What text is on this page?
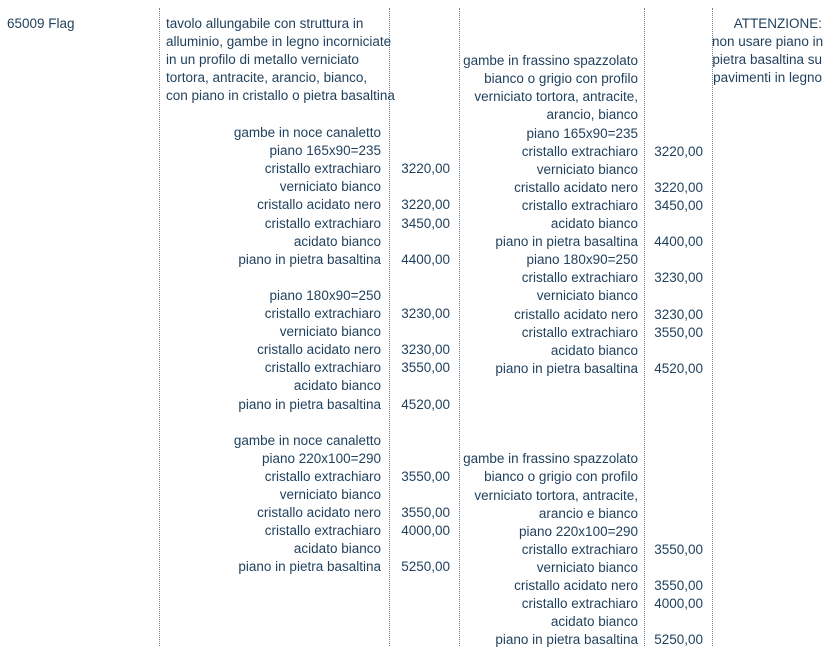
65009 Flag	tavolo allungabile con struttura in
alluminio, gambe in legno incorniciate
in un profilo di metallo verniciato
tortora, antracite, arancio, bianco,
con piano in cristallo o pietra basaltina
ATTENZIONE:
non usare piano in
pietra basaltina su
pavimenti in legno
gambe in noce canaletto
piano 165x90=235
cristallo extrachiaro 3220,00
verniciato bianco
cristallo acidato nero 3220,00
cristallo extrachiaro 3450,00
acidato bianco
piano in pietra basaltina 4400,00
piano 180x90=250
cristallo extrachiaro 3230,00
verniciato bianco
cristallo acidato nero 3230,00
cristallo extrachiaro 3550,00
acidato bianco
piano in pietra basaltina 4520,00
gambe in noce canaletto
piano 220x100=290
cristallo extrachiaro 3550,00
verniciato bianco
cristallo acidato nero 3550,00
cristallo extrachiaro 4000,00
acidato bianco
piano in pietra basaltina 5250,00
gambe in frassino spazzolato
bianco o grigio con profilo
verniciato tortora, antracite,
arancio, bianco
piano 165x90=235
cristallo extrachiaro 3220,00
verniciato bianco
cristallo acidato nero 3220,00
cristallo extrachiaro 3450,00
acidato bianco
piano in pietra basaltina 4400,00
piano 180x90=250
cristallo extrachiaro 3230,00
verniciato bianco
cristallo acidato nero 3230,00
cristallo extrachiaro 3550,00
acidato bianco
piano in pietra basaltina 4520,00
gambe in frassino spazzolato
bianco o grigio con profilo
verniciato tortora, antracite,
arancio e bianco
piano 220x100=290
cristallo extrachiaro 3550,00
verniciato bianco
cristallo acidato nero 3550,00
cristallo extrachiaro 4000,00
acidato bianco
piano in pietra basaltina 5250,00
